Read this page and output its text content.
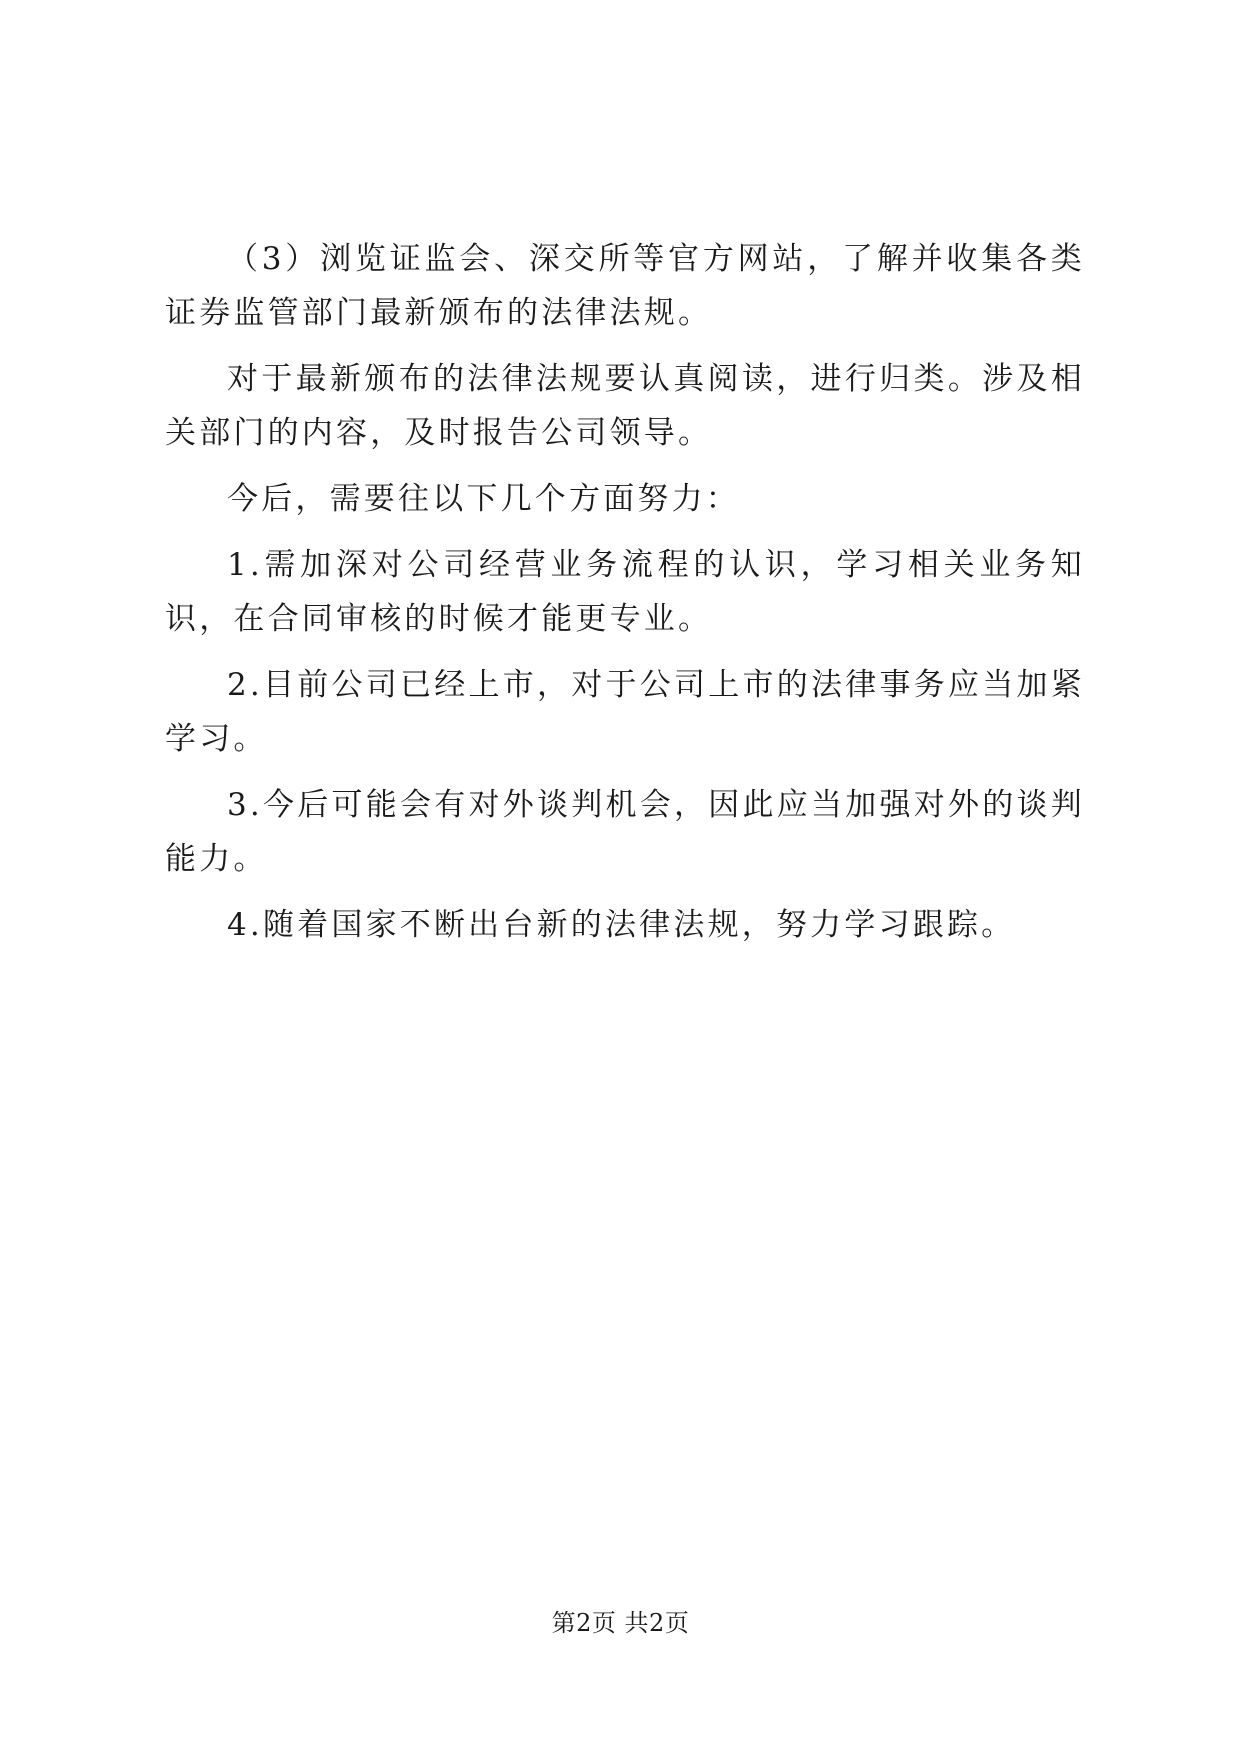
（3）浏览证监会、深交所等官方网站，了解并收集各类证券监管部门最新颁布的法律法规。

对于最新颁布的法律法规要认真阅读，进行归类。涉及相关部门的内容，及时报告公司领导。

今后，需要往以下几个方面努力：

1.需加深对公司经营业务流程的认识，学习相关业务知识，在合同审核的时候才能更专业。

2.目前公司已经上市，对于公司上市的法律事务应当加紧学习。

3.今后可能会有对外谈判机会，因此应当加强对外的谈判能力。

4.随着国家不断出台新的法律法规，努力学习跟踪。

第2页 共2页
